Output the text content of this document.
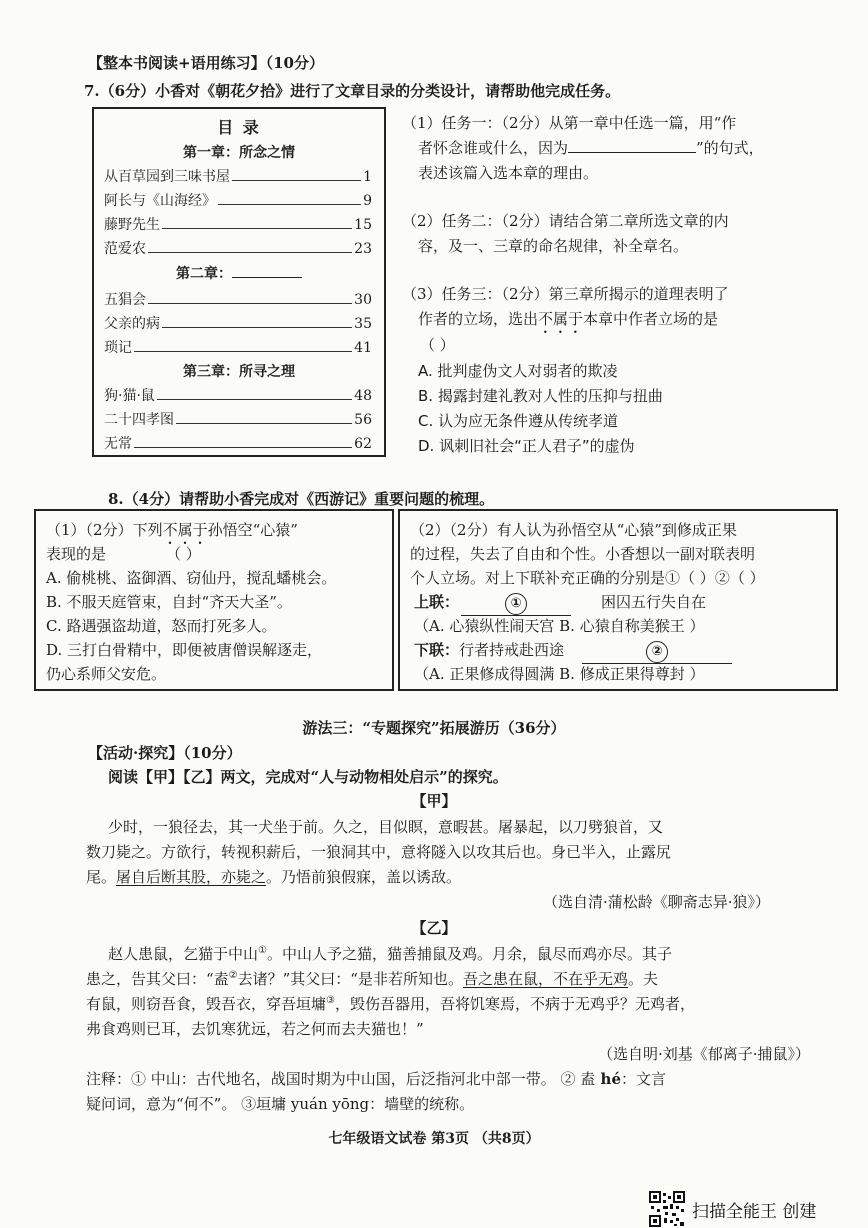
【整本书阅读+语用练习】（10分）
7.（6分）小香对《朝花夕拾》进行了文章目录的分类设计，请帮助他完成任务。
目 录
第一章：所念之情
从百草园到三味书屋	1
阿长与《山海经》	9
藤野先生	15
范爱农	23
第二章：
五猖会	30
父亲的病	35
琐记	41
第三章：所寻之理
狗·猫·鼠	48
二十四孝图	56
无常	62
（1）任务一：（2分）从第一章中任选一篇，用“作
者怀念谁或什么，因为	”的句式，
表述该篇入选本章的理由。
（2）任务二：（2分）请结合第二章所选文章的内
容，及一、三章的命名规律，补全章名。
（3）任务三：（2分）第三章所揭示的道理表明了
作者的立场，选出不属于本章中作者立场的是
（ ）
A. 批判虚伪文人对弱者的欺凌
B. 揭露封建礼教对人性的压抑与扭曲
C. 认为应无条件遵从传统孝道
D. 讽刺旧社会“正人君子”的虚伪
8.（4分）请帮助小香完成对《西游记》重要问题的梳理。
（1）（2分）下列不属于孙悟空“心猿”
表现的是	（ ）
A. 偷桃桃、盗御酒、窃仙丹，搅乱蟠桃会。
B. 不服天庭管束，自封“齐天大圣”。
C. 路遇强盗劫道，怒而打死多人。
D. 三打白骨精中，即便被唐僧误解逐走，
仍心系师父安危。
（2）（2分）有人认为孙悟空从“心猿”到修成正果
的过程，失去了自由和个性。小香想以一副对联表明
个人立场。对上下联补充正确的分别是①（ ）②（ ）
上联：	①	困囚五行失自在
（A. 心猿纵性闹天宫 B. 心猿自称美猴王 ）
下联：行者持戒赴西途	②
（A. 正果修成得圆满 B. 修成正果得尊封 ）
游法三：“专题探究”拓展游历（36分）
【活动·探究】（10分）
阅读【甲】【乙】两文，完成对“人与动物相处启示”的探究。
【甲】
少时，一狼径去，其一犬坐于前。久之，目似瞑，意暇甚。屠暴起，以刀劈狼首，又
数刀毙之。方欲行，转视积薪后，一狼洞其中，意将隧入以攻其后也。身已半入，止露尻
尾。屠自后断其股，亦毙之。乃悟前狼假寐，盖以诱敌。
（选自清·蒲松龄《聊斋志异·狼》）
【乙】
赵人患鼠，乞猫于中山①。中山人予之猫，猫善捕鼠及鸡。月余，鼠尽而鸡亦尽。其子
患之，告其父曰：“盍②去诸？”其父曰：“是非若所知也。吾之患在鼠，不在乎无鸡。夫
有鼠，则窃吾食，毁吾衣，穿吾垣墉③，毁伤吾器用，吾将饥寒焉，不病于无鸡乎？无鸡者，
弗食鸡则已耳，去饥寒犹远，若之何而去夫猫也！”
（选自明·刘基《郁离子·捕鼠》）
注释：① 中山：古代地名，战国时期为中山国，后泛指河北中部一带。 ② 盍 hé：文言
疑问词，意为“何不”。 ③垣墉 yuán yōng：墙壁的统称。
七年级语文试卷 第3页 （共8页）
扫描全能王 创建
